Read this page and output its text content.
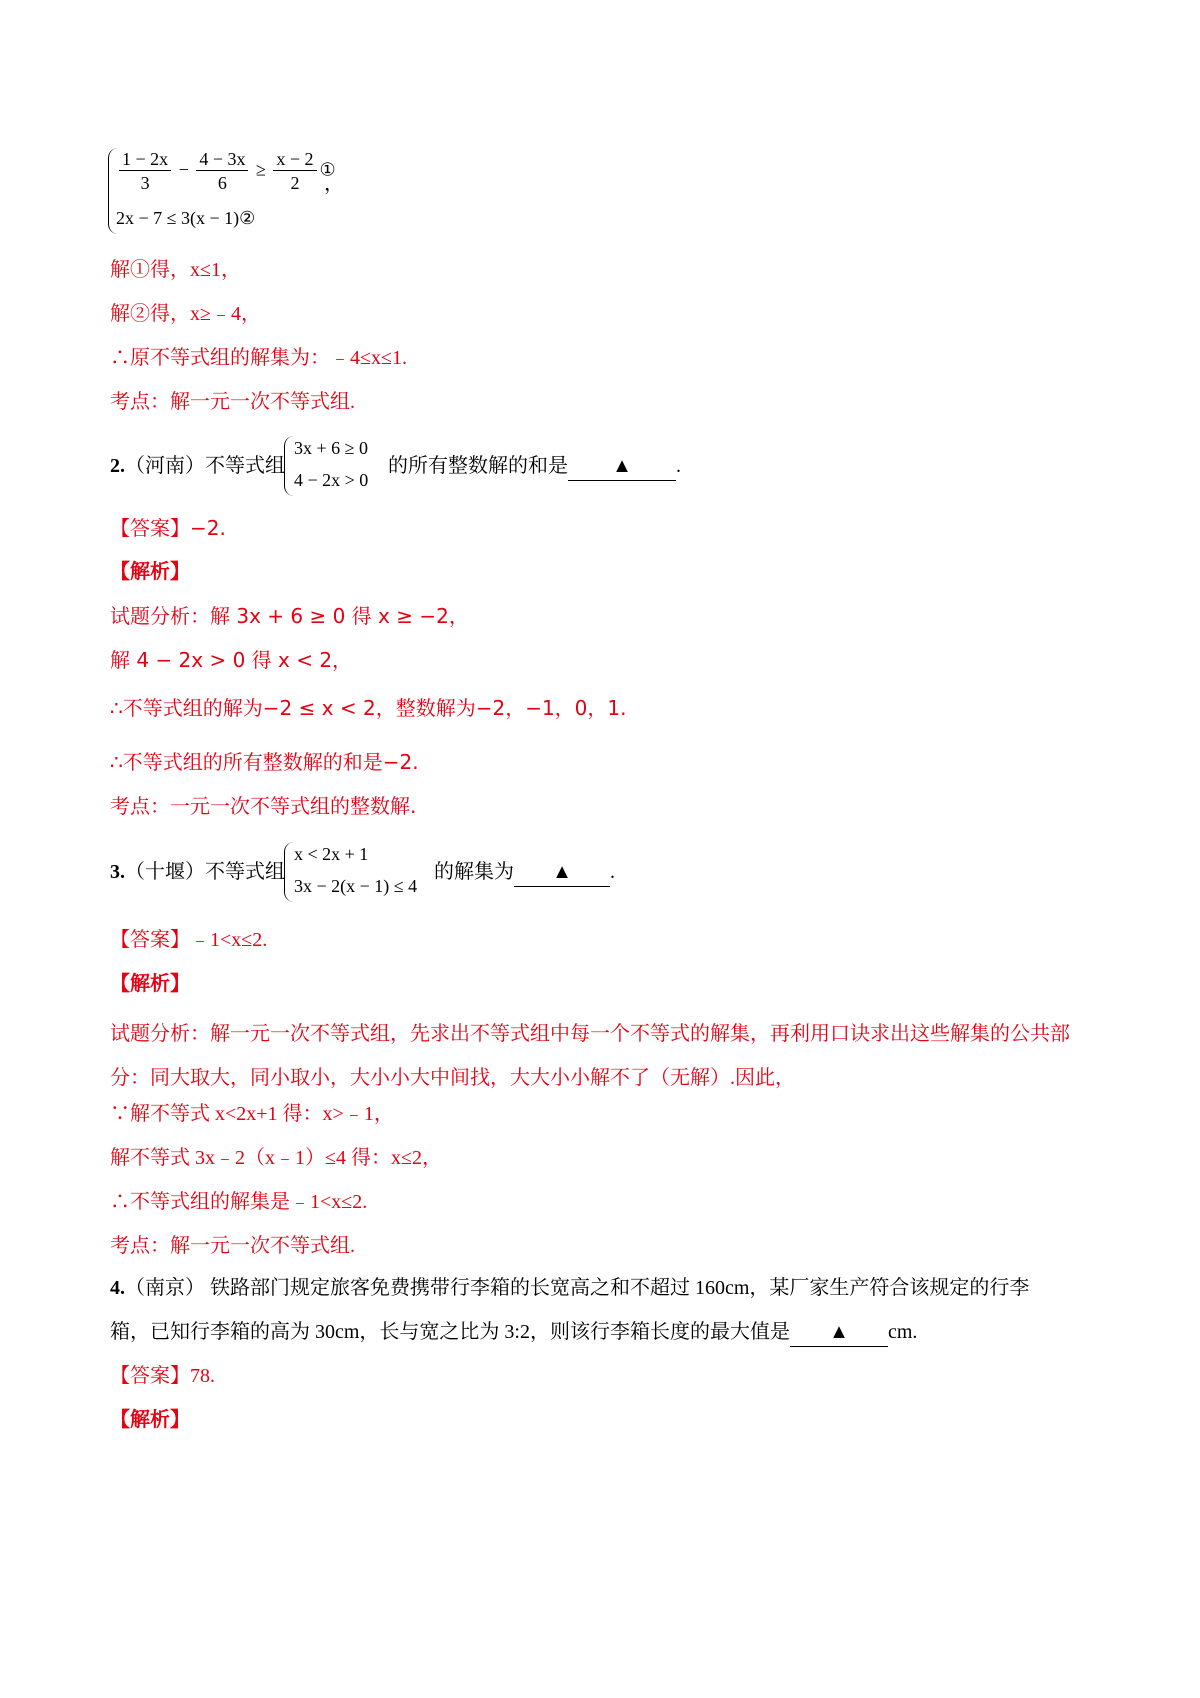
$\frac{1 - 2x}{3} - \frac{4 - 3x}{6} \ge \frac{x - 2}{2}$ ①
2x − 7 ≤ 3(x − 1)②
，
解①得，x≤1，
解②得，x≥﹣4，
∴原不等式组的解集为：﹣4≤x≤1.
考点：解一元一次不等式组.
2.（河南）不等式组
3x + 6 ≥ 0
4 − 2x > 0
的所有整数解的和是 ▲ .
【答案】−2.
【解析】
试题分析：解 3x + 6 ≥ 0 得 x ≥ −2，
解 4 − 2x > 0 得 x < 2，
∴不等式组的解为−2 ≤ x < 2，整数解为−2，−1，0，1.
∴不等式组的所有整数解的和是−2.
考点：一元一次不等式组的整数解.
3.（十堰）不等式组
x < 2x + 1
3x − 2(x − 1) ≤ 4
的解集为 ▲ .
【答案】﹣1<x≤2.
【解析】
试题分析：解一元一次不等式组，先求出不等式组中每一个不等式的解集，再利用口诀求出这些解集的公共部分：同大取大，同小取小，大小小大中间找，大大小小解不了（无解）.因此，
∵解不等式 x<2x+1 得：x>﹣1，
解不等式 3x﹣2（x﹣1）≤4 得：x≤2，
∴不等式组的解集是﹣1<x≤2.
考点：解一元一次不等式组.
4.（南京） 铁路部门规定旅客免费携带行李箱的长宽高之和不超过 160cm，某厂家生产符合该规定的行李
箱，已知行李箱的高为 30cm，长与宽之比为 3:2，则该行李箱长度的最大值是 ▲ cm.
【答案】78.
【解析】
